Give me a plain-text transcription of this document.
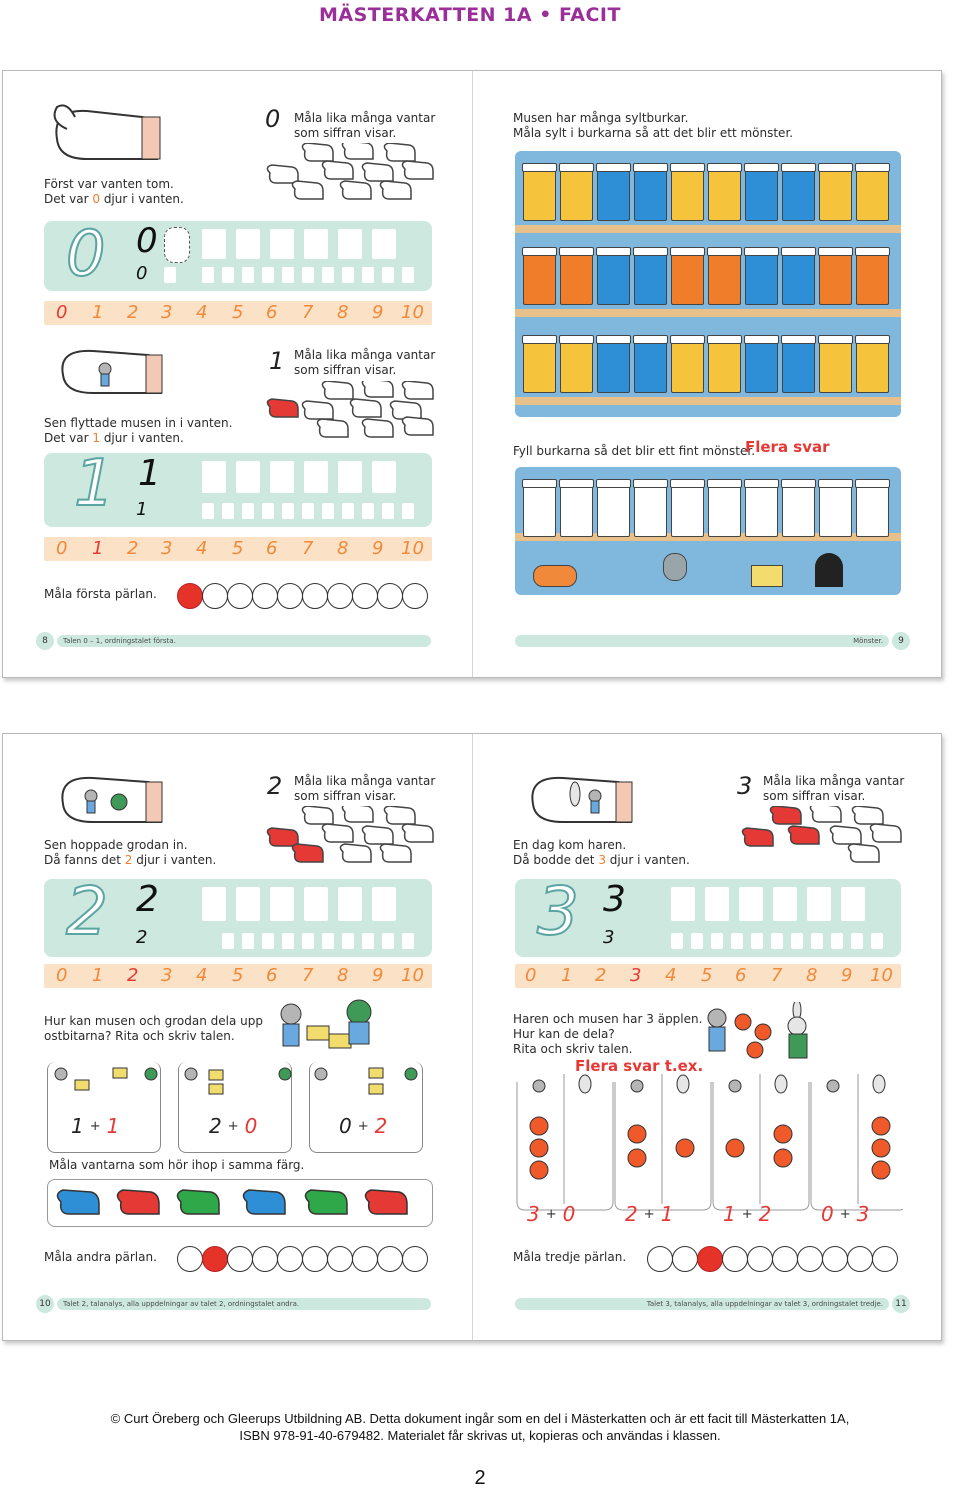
MÄSTERKATTEN 1A • FACIT
0 Måla lika många vantar
som siffran visar.
Först var vanten tom.
Det var 0 djur i vanten.
0 0
0
0 1 2 3 4 5 6 7 8 9 10
1 Måla lika många vantar
som siffran visar.
Sen flyttade musen in i vanten.
Det var 1 djur i vanten.
1 1
1
0 1 2 3 4 5 6 7 8 9 10
Måla första pärlan.
8	Talen 0 – 1, ordningstalet första.
Musen har många syltburkar.
Måla sylt i burkarna så att det blir ett mönster.
Fyll burkarna så det blir ett fint mönster.
Flera svar
Mönster.	9
2 Måla lika många vantar
som siffran visar.
Sen hoppade grodan in.
Då fanns det 2 djur i vanten.
2 2
2
0 1 2 3 4 5 6 7 8 9 10
Hur kan musen och grodan dela upp
ostbitarna? Rita och skriv talen.
1 + 1	2 + 0	0 + 2
Måla vantarna som hör ihop i samma färg.
Måla andra pärlan.
10	Talet 2, talanalys, alla uppdelningar av talet 2, ordningstalet andra.
3 Måla lika många vantar
som siffran visar.
En dag kom haren.
Då bodde det 3 djur i vanten.
3 3
3
0 1 2 3 4 5 6 7 8 9 10
Haren och musen har 3 äpplen.
Hur kan de dela?
Rita och skriv talen.
Flera svar t.ex.
3 + 0 2 + 1 1 + 2 0 + 3
Måla tredje pärlan.
Talet 3, talanalys, alla uppdelningar av talet 3, ordningstalet tredje.	11
© Curt Öreberg och Gleerups Utbildning AB. Detta dokument ingår som en del i Mästerkatten och är ett facit till Mästerkatten 1A,
ISBN 978-91-40-679482. Materialet får skrivas ut, kopieras och användas i klassen.
2
